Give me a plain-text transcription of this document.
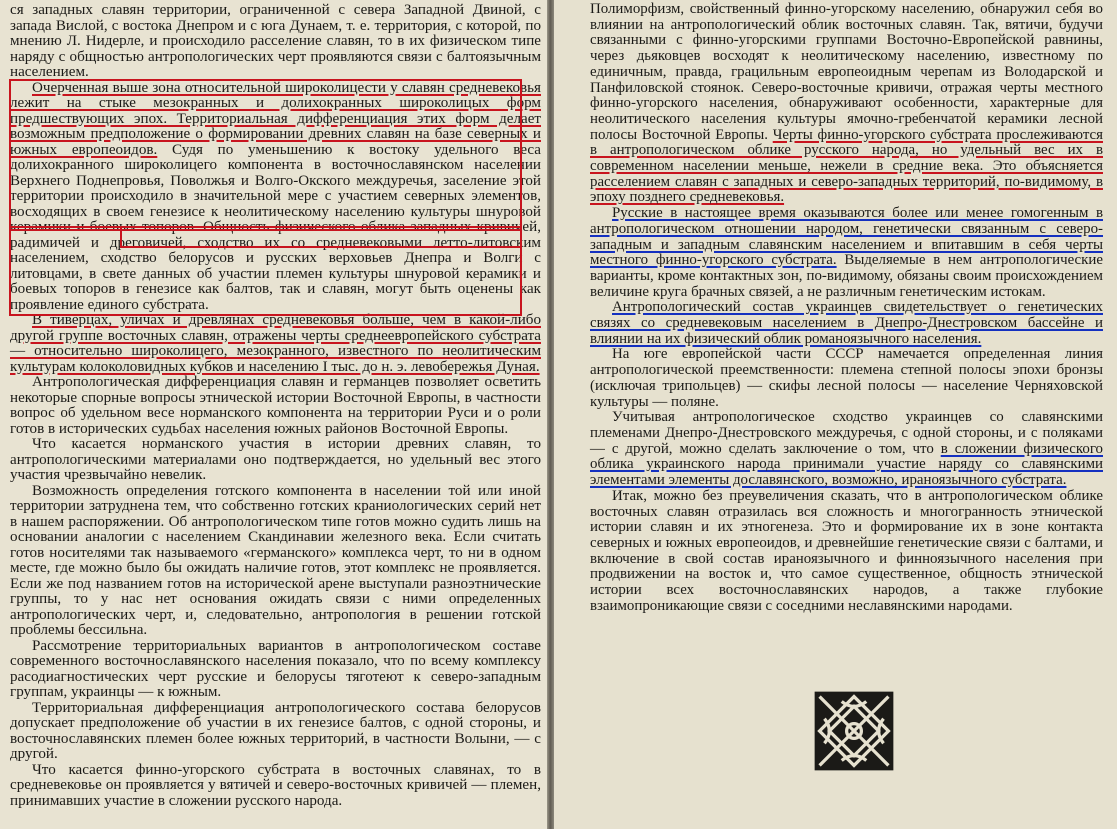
ся западных славян территории, ограниченной с севера Западной Двиной, с запада Вислой, с востока Днепром и с юга Дунаем, т. е. территория, с которой, по мнению Л. Нидерле, и происходило расселение славян, то в их физическом типе наряду с общностью антропологических черт проявляются связи с балтоязычным населением.

Очерченная выше зона относительной широколицести у славян средневековья лежит на стыке мезокранных и долихокранных широколицых форм предшествующих эпох. Территориальная дифференциация этих форм делает возможным предположение о формировании древних славян на базе северных и южных европеоидов. Судя по уменьшению к востоку удельного веса долихокранного широколицего компонента в восточнославянском населении Верхнего Поднепровья, Поволжья и Волго-Окского междуречья, заселение этой территории происходило в значительной мере с участием северных элементов, восходящих в своем генезисе к неолитическому населению культуры шнуровой керамики и боевых топоров. Общность физического облика западных кривичей, радимичей и дреговичей, сходство их со средневековыми летто-литовским населением, сходство белорусов и русских верховьев Днепра и Волги с литовцами, в свете данных об участии племен культуры шнуровой керамики и боевых топоров в генезисе как балтов, так и славян, могут быть оценены как проявление единого субстрата.

В тиверцах, уличах и древлянах средневековья больше, чем в какой-либо другой группе восточных славян, отражены черты среднеевропейского субстрата — относительно широколицего, мезокранного, известного по неолитическим культурам колоколовидных кубков и населению I тыс. до н. э. левобережья Дуная.

Антропологическая дифференциация славян и германцев позволяет осветить некоторые спорные вопросы этнической истории Восточной Европы, в частности вопрос об удельном весе норманского компонента на территории Руси и о роли готов в исторических судьбах населения южных районов Восточной Европы.

Что касается норманского участия в истории древних славян, то антропологическими материалами оно подтверждается, но удельный вес этого участия чрезвычайно невелик.

Возможность определения готского компонента в населении той или иной территории затруднена тем, что собственно готских краниологических серий нет в нашем распоряжении. Об антропологическом типе готов можно судить лишь на основании аналогии с населением Скандинавии железного века. Если считать готов носителями так называемого «германского» комплекса черт, то ни в одном месте, где можно было бы ожидать наличие готов, этот комплекс не проявляется. Если же под названием готов на исторической арене выступали разноэтнические группы, то у нас нет основания ожидать связи с ними определенных антропологических черт, и, следовательно, антропология в решении готской проблемы бессильна.

Рассмотрение территориальных вариантов в антропологическом составе современного восточнославянского населения показало, что по всему комплексу расодиагностических черт русские и белорусы тяготеют к северо-западным группам, украинцы — к южным.

Территориальная дифференциация антропологического состава белорусов допускает предположение об участии в их генезисе балтов, с одной стороны, и восточнославянских племен более южных территорий, в частности Волыни, — с другой.

Что касается финно-угорского субстрата в восточных славянах, то в средневековье он проявляется у вятичей и северо-восточных кривичей — племен, принимавших участие в сложении русского народа.

Полиморфизм, свойственный финно-угорскому населению, обнаружил себя во влиянии на антропологический облик восточных славян. Так, вятичи, будучи связанными с финно-угорскими группами Восточно-Европейской равнины, через дьяковцев восходят к неолитическому населению, известному по единичным, правда, грацильным европеоидным черепам из Володарской и Панфиловской стоянок. Северо-восточные кривичи, отражая черты местного финно-угорского населения, обнаруживают особенности, характерные для неолитического населения культуры ямочно-гребенчатой керамики лесной полосы Восточной Европы. Черты финно-угорского субстрата прослеживаются в антропологическом облике русского народа, но удельный вес их в современном населении меньше, нежели в средние века. Это объясняется расселением славян с западных и северо-западных территорий, по-видимому, в эпоху позднего средневековья.

Русские в настоящее время оказываются более или менее гомогенным в антропологическом отношении народом, генетически связанным с северо-западным и западным славянским населением и впитавшим в себя черты местного финно-угорского субстрата. Выделяемые в нем антропологические варианты, кроме контактных зон, по-видимому, обязаны своим происхождением величине круга брачных связей, а не различным генетическим истокам.

Антропологический состав украинцев свидетельствует о генетических связях со средневековым населением в Днепро-Днестровском бассейне и влиянии на их физический облик романоязычного населения.

На юге европейской части СССР намечается определенная линия антропологической преемственности: племена степной полосы эпохи бронзы (исключая трипольцев) — скифы лесной полосы — население Черняховской культуры — поляне.

Учитывая антропологическое сходство украинцев со славянскими племенами Днепро-Днестровского междуречья, с одной стороны, и с поляками — с другой, можно сделать заключение о том, что в сложении физического облика украинского народа принимали участие наряду со славянскими элементами элементы дославянского, возможно, ираноязычного субстрата.

Итак, можно без преувеличения сказать, что в антропологическом облике восточных славян отразилась вся сложность и многогранность этнической истории славян и их этногенеза. Это и формирование их в зоне контакта северных и южных европеоидов, и древнейшие генетические связи с балтами, и включение в свой состав ираноязычного и финноязычного населения при продвижении на восток и, что самое существенное, общность этнической истории всех восточнославянских народов, а также глубокие взаимопроникающие связи с соседними неславянскими народами.
